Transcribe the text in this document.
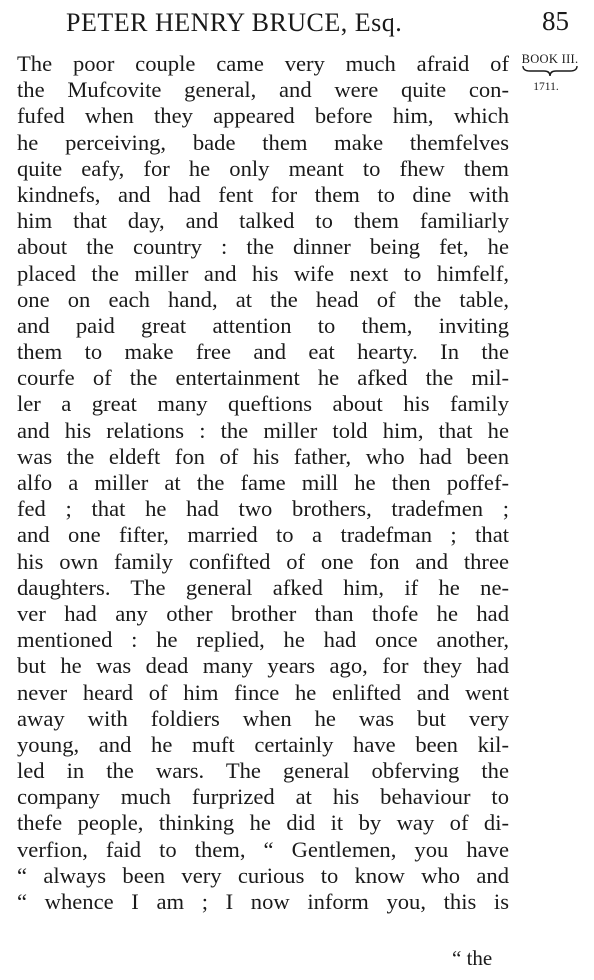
PETER HENRY BRUCE, Esq.	85
BOOK III.
1711.
The poor couple came very much afraid of
the Mufcovite general, and were quite con-
fufed when they appeared before him, which
he perceiving, bade them make themfelves
quite eafy, for he only meant to fhew them
kindnefs, and had fent for them to dine with
him that day, and talked to them familiarly
about the country : the dinner being fet, he
placed the miller and his wife next to himfelf,
one on each hand, at the head of the table,
and paid great attention to them, inviting
them to make free and eat hearty. In the
courfe of the entertainment he afked the mil-
ler a great many queftions about his family
and his relations : the miller told him, that he
was the eldeft fon of his father, who had been
alfo a miller at the fame mill he then poffef-
fed ; that he had two brothers, tradefmen ;
and one fifter, married to a tradefman ; that
his own family confifted of one fon and three
daughters. The general afked him, if he ne-
ver had any other brother than thofe he had
mentioned : he replied, he had once another,
but he was dead many years ago, for they had
never heard of him fince he enlifted and went
away with foldiers when he was but very
young, and he muft certainly have been kil-
led in the wars. The general obferving the
company much furprized at his behaviour to
thefe people, thinking he did it by way of di-
verfion, faid to them, “ Gentlemen, you have
“ always been very curious to know who and
“ whence I am ; I now inform you, this is
“ the
